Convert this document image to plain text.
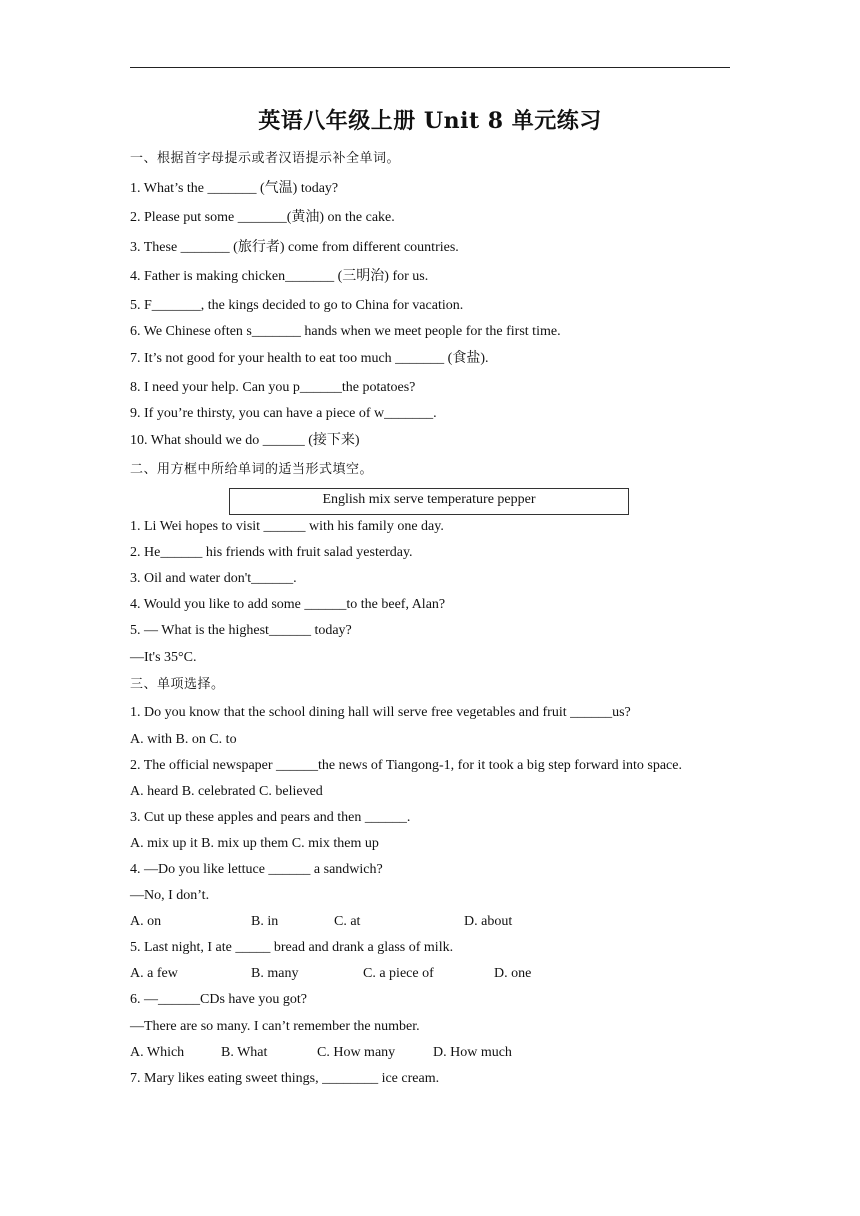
英语八年级上册 Unit 8 单元练习
一、根据首字母提示或者汉语提示补全单词。
1. What’s the _______ (气温) today?
2. Please put some _______(黄油) on the cake.
3. These _______ (旅行者) come from different countries.
4. Father is making chicken_______ (三明治) for us.
5. F_______, the kings decided to go to China for vacation.
6. We Chinese often s_______ hands when we meet people for the first time.
7. It’s not good for your health to eat too much _______ (食盐).
8. I need your help. Can you p______the potatoes?
9. If you’re thirsty, you can have a piece of w_______.
10. What should we do ______ (接下来)
二、用方框中所给单词的适当形式填空。
English mix serve temperature pepper
1. Li Wei hopes to visit ______ with his family one day.
2. He______ his friends with fruit salad yesterday.
3. Oil and water don't______.
4. Would you like to add some ______to the beef, Alan?
5. — What is the highest______ today?
—It's 35°C.
三、单项选择。
1. Do you know that the school dining hall will serve free vegetables and fruit ______us?
A. with B. on C. to
2. The official newspaper ______the news of Tiangong-1, for it took a big step forward into space.
A. heard B. celebrated C. believed
3. Cut up these apples and pears and then ______.
A. mix up it B. mix up them C. mix them up
4. —Do you like lettuce ______ a sandwich?
—No, I don’t.
A. on	B. in	C. at	D. about
5. Last night, I ate _____ bread and drank a glass of milk.
A. a few	B. many	C. a piece of	D. one
6. —______CDs have you got?
—There are so many. I can’t remember the number.
A. Which	B. What	C. How many	D. How much
7. Mary likes eating sweet things, ________ ice cream.
